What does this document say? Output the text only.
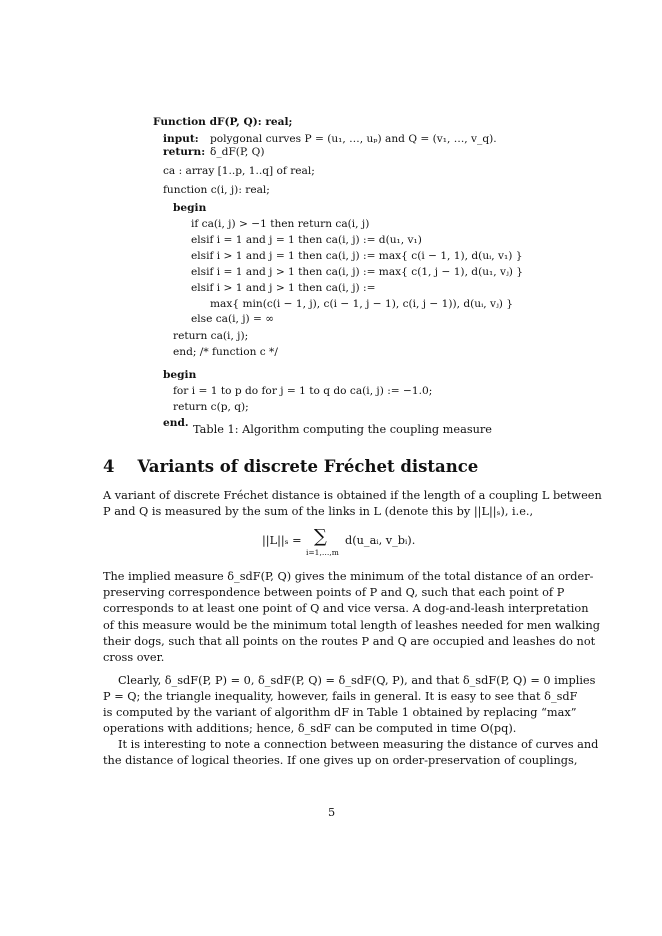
Function dF(P, Q): real;
input: polygonal curves P = (u₁, …, uₚ) and Q = (v₁, …, v_q).
return: δ_dF(P, Q)
ca : array [1..p, 1..q] of real;
function c(i, j): real;
begin
if ca(i, j) > −1 then return ca(i, j)
elsif i = 1 and j = 1 then ca(i, j) := d(u₁, v₁)
elsif i > 1 and j = 1 then ca(i, j) := max{ c(i − 1, 1), d(uᵢ, v₁) }
elsif i = 1 and j > 1 then ca(i, j) := max{ c(1, j − 1), d(u₁, vⱼ) }
elsif i > 1 and j > 1 then ca(i, j) :=
max{ min(c(i − 1, j), c(i − 1, j − 1), c(i, j − 1)), d(uᵢ, vⱼ) }
else ca(i, j) = ∞
return ca(i, j);
end; /* function c */
begin
for i = 1 to p do for j = 1 to q do ca(i, j) := −1.0;
return c(p, q);
end. Table 1: Algorithm computing the coupling measure
4 Variants of discrete Fréchet distance
A variant of discrete Fréchet distance is obtained if the length of a coupling L between
P and Q is measured by the sum of the links in L (denote this by ||L||ₛ), i.e.,
||L||ₛ = ∑
i=1,…,m
d(u_aᵢ, v_bᵢ).
The implied measure δ_sdF(P, Q) gives the minimum of the total distance of an order-
preserving correspondence between points of P and Q, such that each point of P
corresponds to at least one point of Q and vice versa. A dog-and-leash interpretation
of this measure would be the minimum total length of leashes needed for men walking
their dogs, such that all points on the routes P and Q are occupied and leashes do not
cross over.
Clearly, δ_sdF(P, P) = 0, δ_sdF(P, Q) = δ_sdF(Q, P), and that δ_sdF(P, Q) = 0 implies
P = Q; the triangle inequality, however, fails in general. It is easy to see that δ_sdF
is computed by the variant of algorithm dF in Table 1 obtained by replacing “max”
operations with additions; hence, δ_sdF can be computed in time O(pq).
It is interesting to note a connection between measuring the distance of curves and
the distance of logical theories. If one gives up on order-preservation of couplings,
5
